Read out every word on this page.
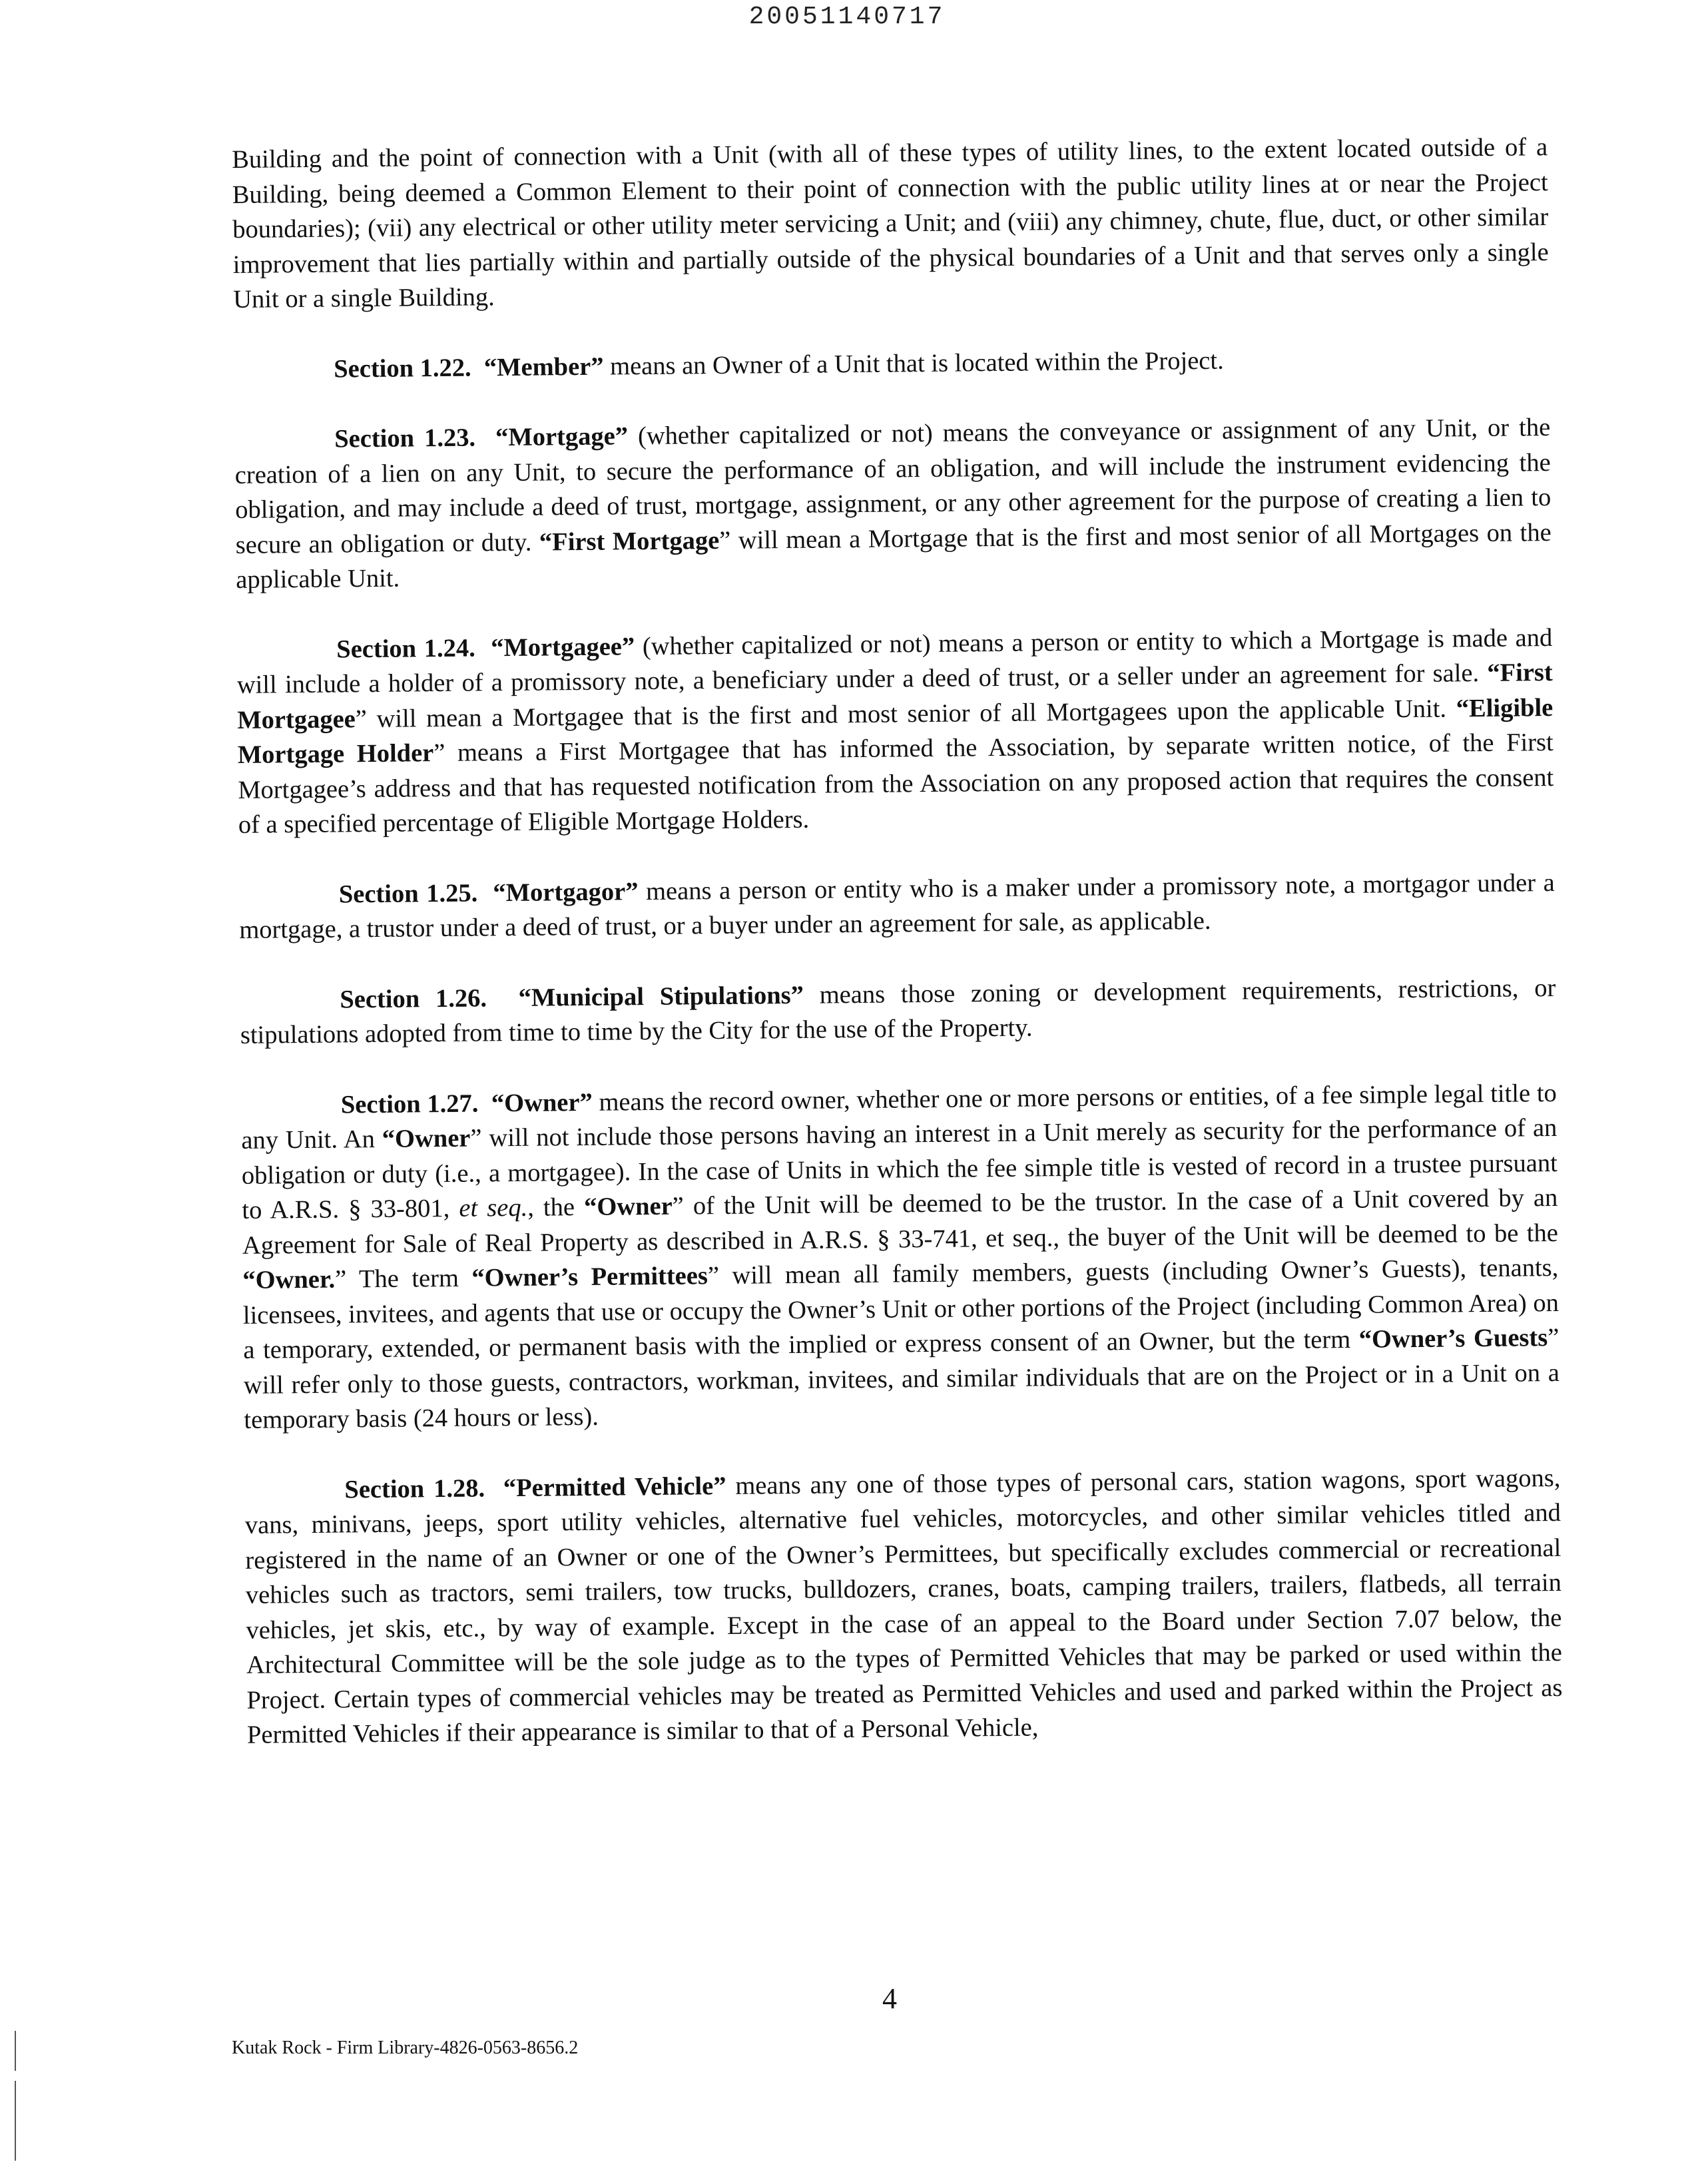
20051140717

Building and the point of connection with a Unit (with all of these types of utility lines, to the extent located outside of a Building, being deemed a Common Element to their point of connection with the public utility lines at or near the Project boundaries); (vii) any electrical or other utility meter servicing a Unit; and (viii) any chimney, chute, flue, duct, or other similar improvement that lies partially within and partially outside of the physical boundaries of a Unit and that serves only a single Unit or a single Building.

Section 1.22. “Member” means an Owner of a Unit that is located within the Project.

Section 1.23. “Mortgage” (whether capitalized or not) means the conveyance or assignment of any Unit, or the creation of a lien on any Unit, to secure the performance of an obligation, and will include the instrument evidencing the obligation, and may include a deed of trust, mortgage, assignment, or any other agreement for the purpose of creating a lien to secure an obligation or duty. “First Mortgage” will mean a Mortgage that is the first and most senior of all Mortgages on the applicable Unit.

Section 1.24. “Mortgagee” (whether capitalized or not) means a person or entity to which a Mortgage is made and will include a holder of a promissory note, a beneficiary under a deed of trust, or a seller under an agreement for sale. “First Mortgagee” will mean a Mortgagee that is the first and most senior of all Mortgagees upon the applicable Unit. “Eligible Mortgage Holder” means a First Mortgagee that has informed the Association, by separate written notice, of the First Mortgagee’s address and that has requested notification from the Association on any proposed action that requires the consent of a specified percentage of Eligible Mortgage Holders.

Section 1.25. “Mortgagor” means a person or entity who is a maker under a promissory note, a mortgagor under a mortgage, a trustor under a deed of trust, or a buyer under an agreement for sale, as applicable.

Section 1.26. “Municipal Stipulations” means those zoning or development requirements, restrictions, or stipulations adopted from time to time by the City for the use of the Property.

Section 1.27. “Owner” means the record owner, whether one or more persons or entities, of a fee simple legal title to any Unit. An “Owner” will not include those persons having an interest in a Unit merely as security for the performance of an obligation or duty (i.e., a mortgagee). In the case of Units in which the fee simple title is vested of record in a trustee pursuant to A.R.S. § 33-801, et seq., the “Owner” of the Unit will be deemed to be the trustor. In the case of a Unit covered by an Agreement for Sale of Real Property as described in A.R.S. § 33-741, et seq., the buyer of the Unit will be deemed to be the “Owner.” The term “Owner’s Permittees” will mean all family members, guests (including Owner’s Guests), tenants, licensees, invitees, and agents that use or occupy the Owner’s Unit or other portions of the Project (including Common Area) on a temporary, extended, or permanent basis with the implied or express consent of an Owner, but the term “Owner’s Guests” will refer only to those guests, contractors, workman, invitees, and similar individuals that are on the Project or in a Unit on a temporary basis (24 hours or less).

Section 1.28. “Permitted Vehicle” means any one of those types of personal cars, station wagons, sport wagons, vans, minivans, jeeps, sport utility vehicles, alternative fuel vehicles, motorcycles, and other similar vehicles titled and registered in the name of an Owner or one of the Owner’s Permittees, but specifically excludes commercial or recreational vehicles such as tractors, semi trailers, tow trucks, bulldozers, cranes, boats, camping trailers, trailers, flatbeds, all terrain vehicles, jet skis, etc., by way of example. Except in the case of an appeal to the Board under Section 7.07 below, the Architectural Committee will be the sole judge as to the types of Permitted Vehicles that may be parked or used within the Project. Certain types of commercial vehicles may be treated as Permitted Vehicles and used and parked within the Project as Permitted Vehicles if their appearance is similar to that of a Personal Vehicle,

4
Kutak Rock - Firm Library-4826-0563-8656.2
